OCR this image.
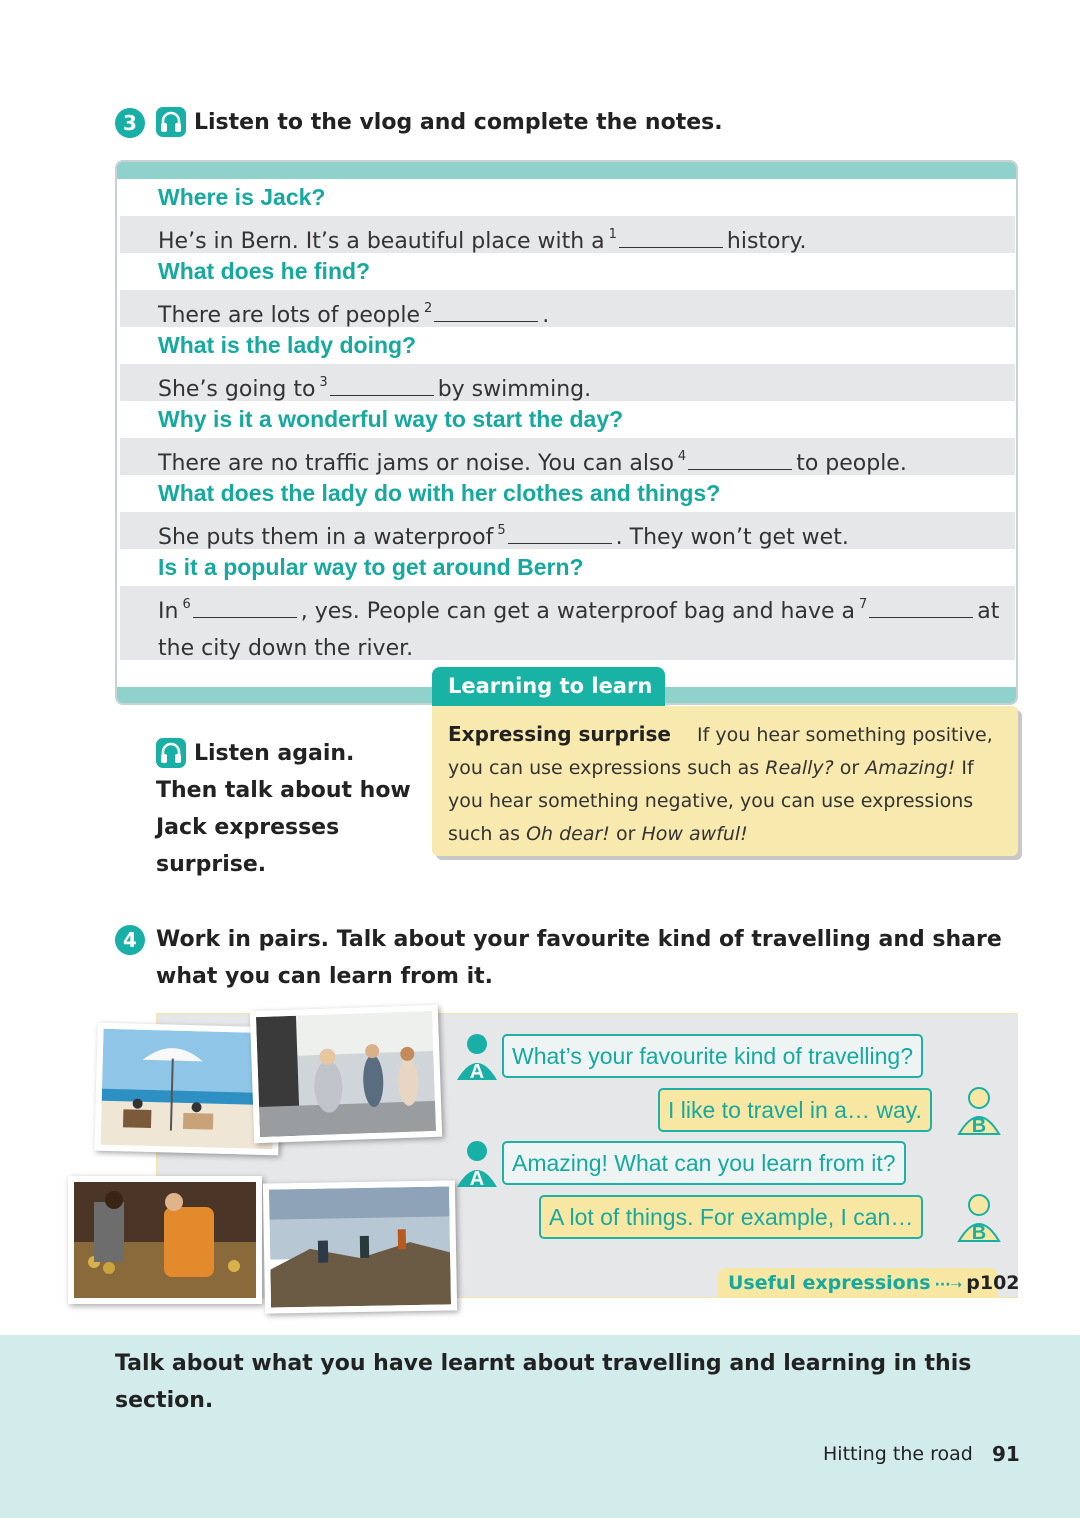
3	Listen to the vlog and complete the notes.
Where is Jack?
He’s in Bern. It’s a beautiful place with a $^1$	history.
What does he find?
There are lots of people $^2$	.
What is the lady doing?
She’s going to $^3$	by swimming.
Why is it a wonderful way to start the day?
There are no traffic jams or noise. You can also $^4$	to people.
What does the lady do with her clothes and things?
She puts them in a waterproof $^5$	. They won’t get wet.
Is it a popular way to get around Bern?
In $^6$	, yes. People can get a waterproof bag and have a $^7$	at
the city down the river.
Learning to learn
Expressing surprise If you hear something positive, you can use expressions such as Really? or Amazing! If you hear something negative, you can use expressions such as Oh dear! or How awful!
Listen again. Then talk about how Jack expresses surprise.
4 Work in pairs. Talk about your favourite kind of travelling and share what you can learn from it.
A
What’s your favourite kind of travelling?
I like to travel in a… way.
B
A
Amazing! What can you learn from it?
A lot of things. For example, I can…
B
Useful expressions ···➝ p102
Talk about what you have learnt about travelling and learning in this section.
Hitting the road 91
